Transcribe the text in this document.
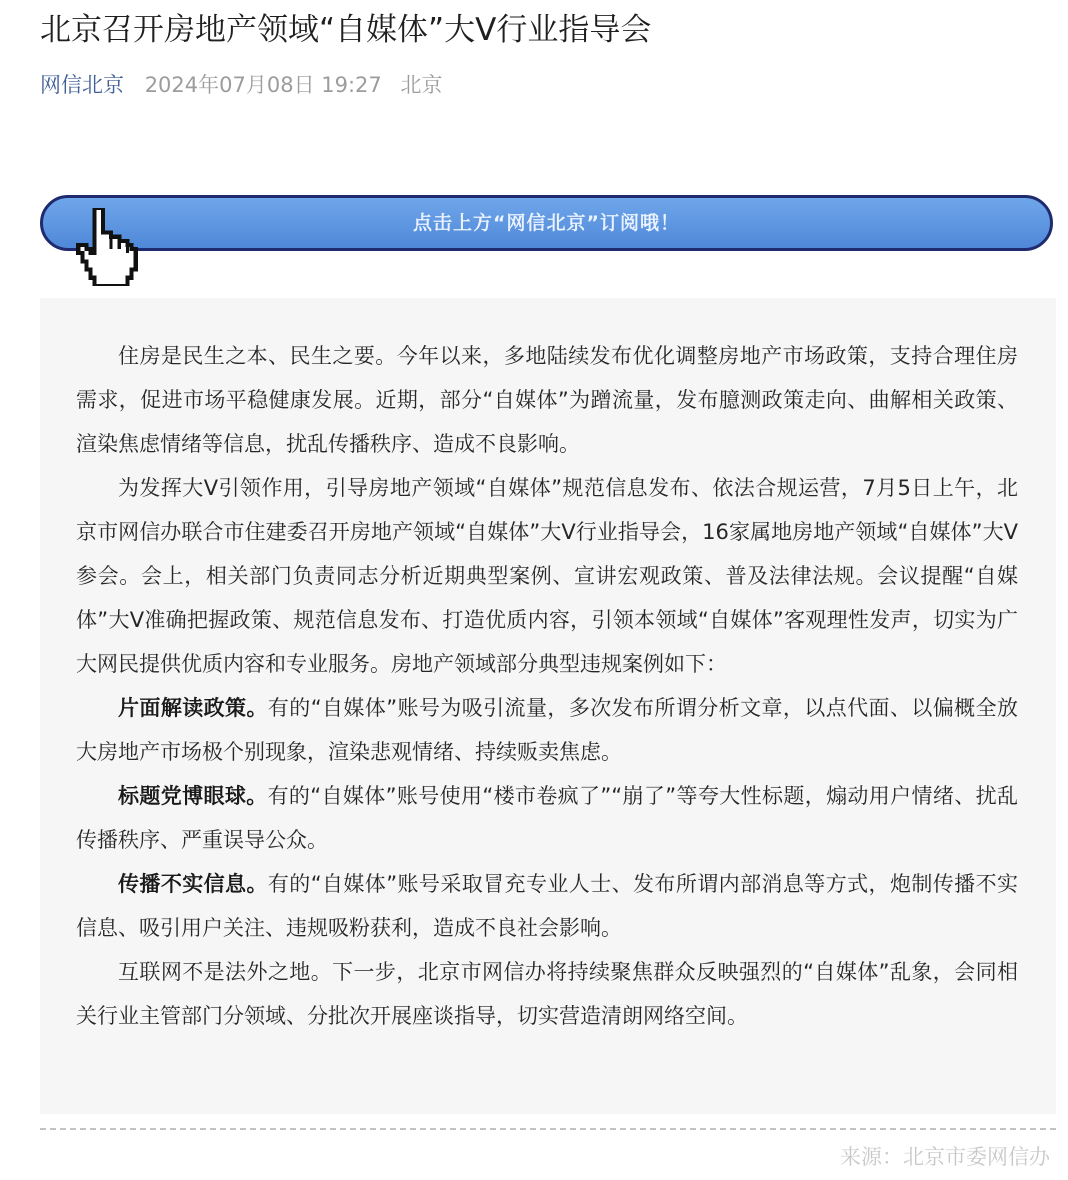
北京召开房地产领域“自媒体”大V行业指导会
网信北京 2024年07月08日 19:27 北京
点击上方“网信北京”订阅哦！

住房是民生之本、民生之要。今年以来，多地陆续发布优化调整房地产市场政策，支持合理住房需求，促进市场平稳健康发展。近期，部分“自媒体”为蹭流量，发布臆测政策走向、曲解相关政策、渲染焦虑情绪等信息，扰乱传播秩序、造成不良影响。

为发挥大V引领作用，引导房地产领域“自媒体”规范信息发布、依法合规运营，7月5日上午，北京市网信办联合市住建委召开房地产领域“自媒体”大V行业指导会，16家属地房地产领域“自媒体”大V参会。会上，相关部门负责同志分析近期典型案例、宣讲宏观政策、普及法律法规。会议提醒“自媒体”大V准确把握政策、规范信息发布、打造优质内容，引领本领域“自媒体”客观理性发声，切实为广大网民提供优质内容和专业服务。房地产领域部分典型违规案例如下：

片面解读政策。有的“自媒体”账号为吸引流量，多次发布所谓分析文章，以点代面、以偏概全放大房地产市场极个别现象，渲染悲观情绪、持续贩卖焦虑。

标题党博眼球。有的“自媒体”账号使用“楼市卷疯了”“崩了”等夸大性标题，煽动用户情绪、扰乱传播秩序、严重误导公众。

传播不实信息。有的“自媒体”账号采取冒充专业人士、发布所谓内部消息等方式，炮制传播不实信息、吸引用户关注、违规吸粉获利，造成不良社会影响。

互联网不是法外之地。下一步，北京市网信办将持续聚焦群众反映强烈的“自媒体”乱象，会同相关行业主管部门分领域、分批次开展座谈指导，切实营造清朗网络空间。

来源：北京市委网信办
